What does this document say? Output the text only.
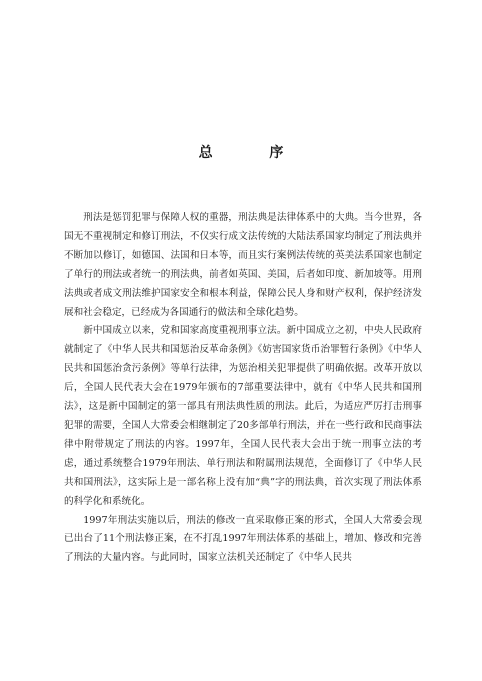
总 序

刑法是惩罚犯罪与保障人权的重器，刑法典是法律体系中的大典。当今世界，各国无不重视制定和修订刑法，不仅实行成文法传统的大陆法系国家均制定了刑法典并不断加以修订，如德国、法国和日本等，而且实行案例法传统的英美法系国家也制定了单行的刑法或者统一的刑法典，前者如英国、美国，后者如印度、新加坡等。用刑法典或者成文刑法维护国家安全和根本利益，保障公民人身和财产权利，保护经济发展和社会稳定，已经成为各国通行的做法和全球化趋势。

新中国成立以来，党和国家高度重视刑事立法。新中国成立之初，中央人民政府就制定了《中华人民共和国惩治反革命条例》《妨害国家货币治罪暂行条例》《中华人民共和国惩治贪污条例》等单行法律，为惩治相关犯罪提供了明确依据。改革开放以后，全国人民代表大会在1979年颁布的7部重要法律中，就有《中华人民共和国刑法》，这是新中国制定的第一部具有刑法典性质的刑法。此后，为适应严厉打击刑事犯罪的需要，全国人大常委会相继制定了20多部单行刑法，并在一些行政和民商事法律中附带规定了刑法的内容。1997年，全国人民代表大会出于统一刑事立法的考虑，通过系统整合1979年刑法、单行刑法和附属刑法规范，全面修订了《中华人民共和国刑法》，这实际上是一部名称上没有加“典”字的刑法典，首次实现了刑法体系的科学化和系统化。

1997年刑法实施以后，刑法的修改一直采取修正案的形式，全国人大常委会现已出台了11个刑法修正案，在不打乱1997年刑法体系的基础上，增加、修改和完善了刑法的大量内容。与此同时，国家立法机关还制定了《中华人民共
